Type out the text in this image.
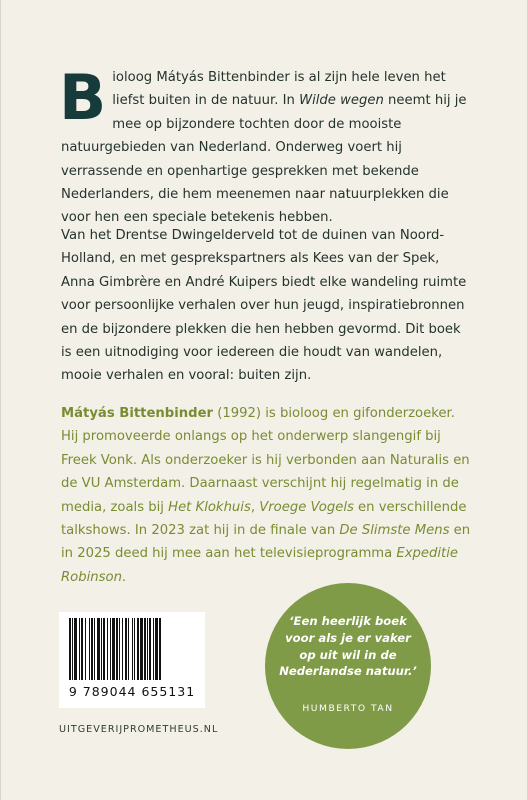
Bioloog Mátyás Bittenbinder is al zijn hele leven het liefst buiten in de natuur. In Wilde wegen neemt hij je mee op bijzondere tochten door de mooiste natuurgebieden van Nederland. Onderweg voert hij verrassende en openhartige gesprekken met bekende Nederlanders, die hem meenemen naar natuurplekken die voor hen een speciale betekenis hebben.
Van het Drentse Dwingelderveld tot de duinen van Noord-Holland, en met gesprekspartners als Kees van der Spek, Anna Gimbrère en André Kuipers biedt elke wandeling ruimte voor persoonlijke verhalen over hun jeugd, inspiratiebronnen en de bijzondere plekken die hen hebben gevormd. Dit boek is een uitnodiging voor iedereen die houdt van wandelen, mooie verhalen en vooral: buiten zijn.
Mátyás Bittenbinder (1992) is bioloog en gifonderzoeker. Hij promoveerde onlangs op het onderwerp slangengif bij Freek Vonk. Als onderzoeker is hij verbonden aan Naturalis en de VU Amsterdam. Daarnaast verschijnt hij regelmatig in de media, zoals bij Het Klokhuis, Vroege Vogels en verschillende talkshows. In 2023 zat hij in de finale van De Slimste Mens en in 2025 deed hij mee aan het televisieprogramma Expeditie Robinson.
9 789044 655131
UITGEVERIJPROMETHEUS.NL
‘Een heerlijk boek voor als je er vaker op uit wil in de Nederlandse natuur.’
HUMBERTO TAN
